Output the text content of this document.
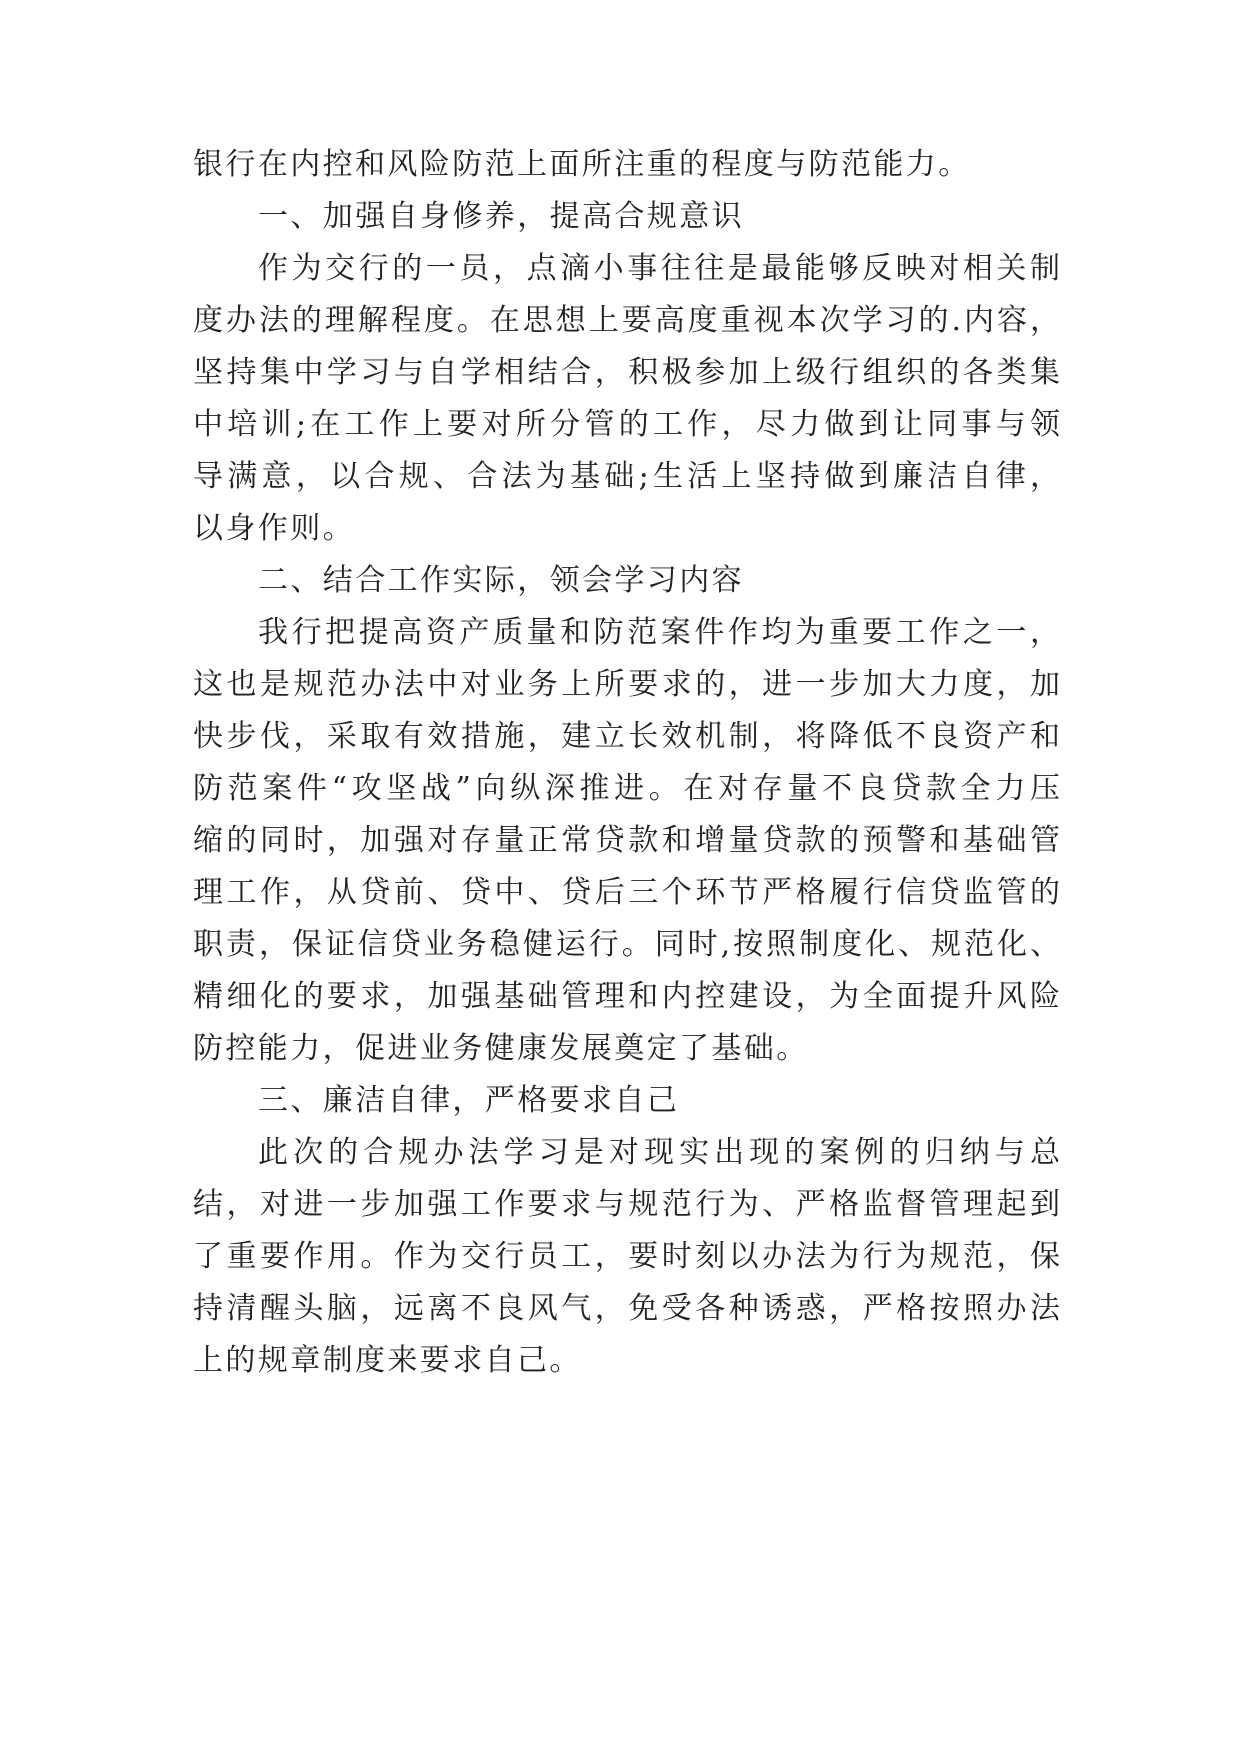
银行在内控和风险防范上面所注重的程度与防范能力。
一、加强自身修养，提高合规意识
作为交行的一员，点滴小事往往是最能够反映对相关制
度办法的理解程度。在思想上要高度重视本次学习的.内容，
坚持集中学习与自学相结合，积极参加上级行组织的各类集
中培训;在工作上要对所分管的工作，尽力做到让同事与领
导满意，以合规、合法为基础;生活上坚持做到廉洁自律，
以身作则。
二、结合工作实际，领会学习内容
我行把提高资产质量和防范案件作均为重要工作之一，
这也是规范办法中对业务上所要求的，进一步加大力度，加
快步伐，采取有效措施，建立长效机制，将降低不良资产和
防范案件“攻坚战”向纵深推进。在对存量不良贷款全力压
缩的同时，加强对存量正常贷款和增量贷款的预警和基础管
理工作，从贷前、贷中、贷后三个环节严格履行信贷监管的
职责，保证信贷业务稳健运行。同时,按照制度化、规范化、
精细化的要求，加强基础管理和内控建设，为全面提升风险
防控能力，促进业务健康发展奠定了基础。
三、廉洁自律，严格要求自己
此次的合规办法学习是对现实出现的案例的归纳与总
结，对进一步加强工作要求与规范行为、严格监督管理起到
了重要作用。作为交行员工，要时刻以办法为行为规范，保
持清醒头脑，远离不良风气，免受各种诱惑，严格按照办法
上的规章制度来要求自己。
